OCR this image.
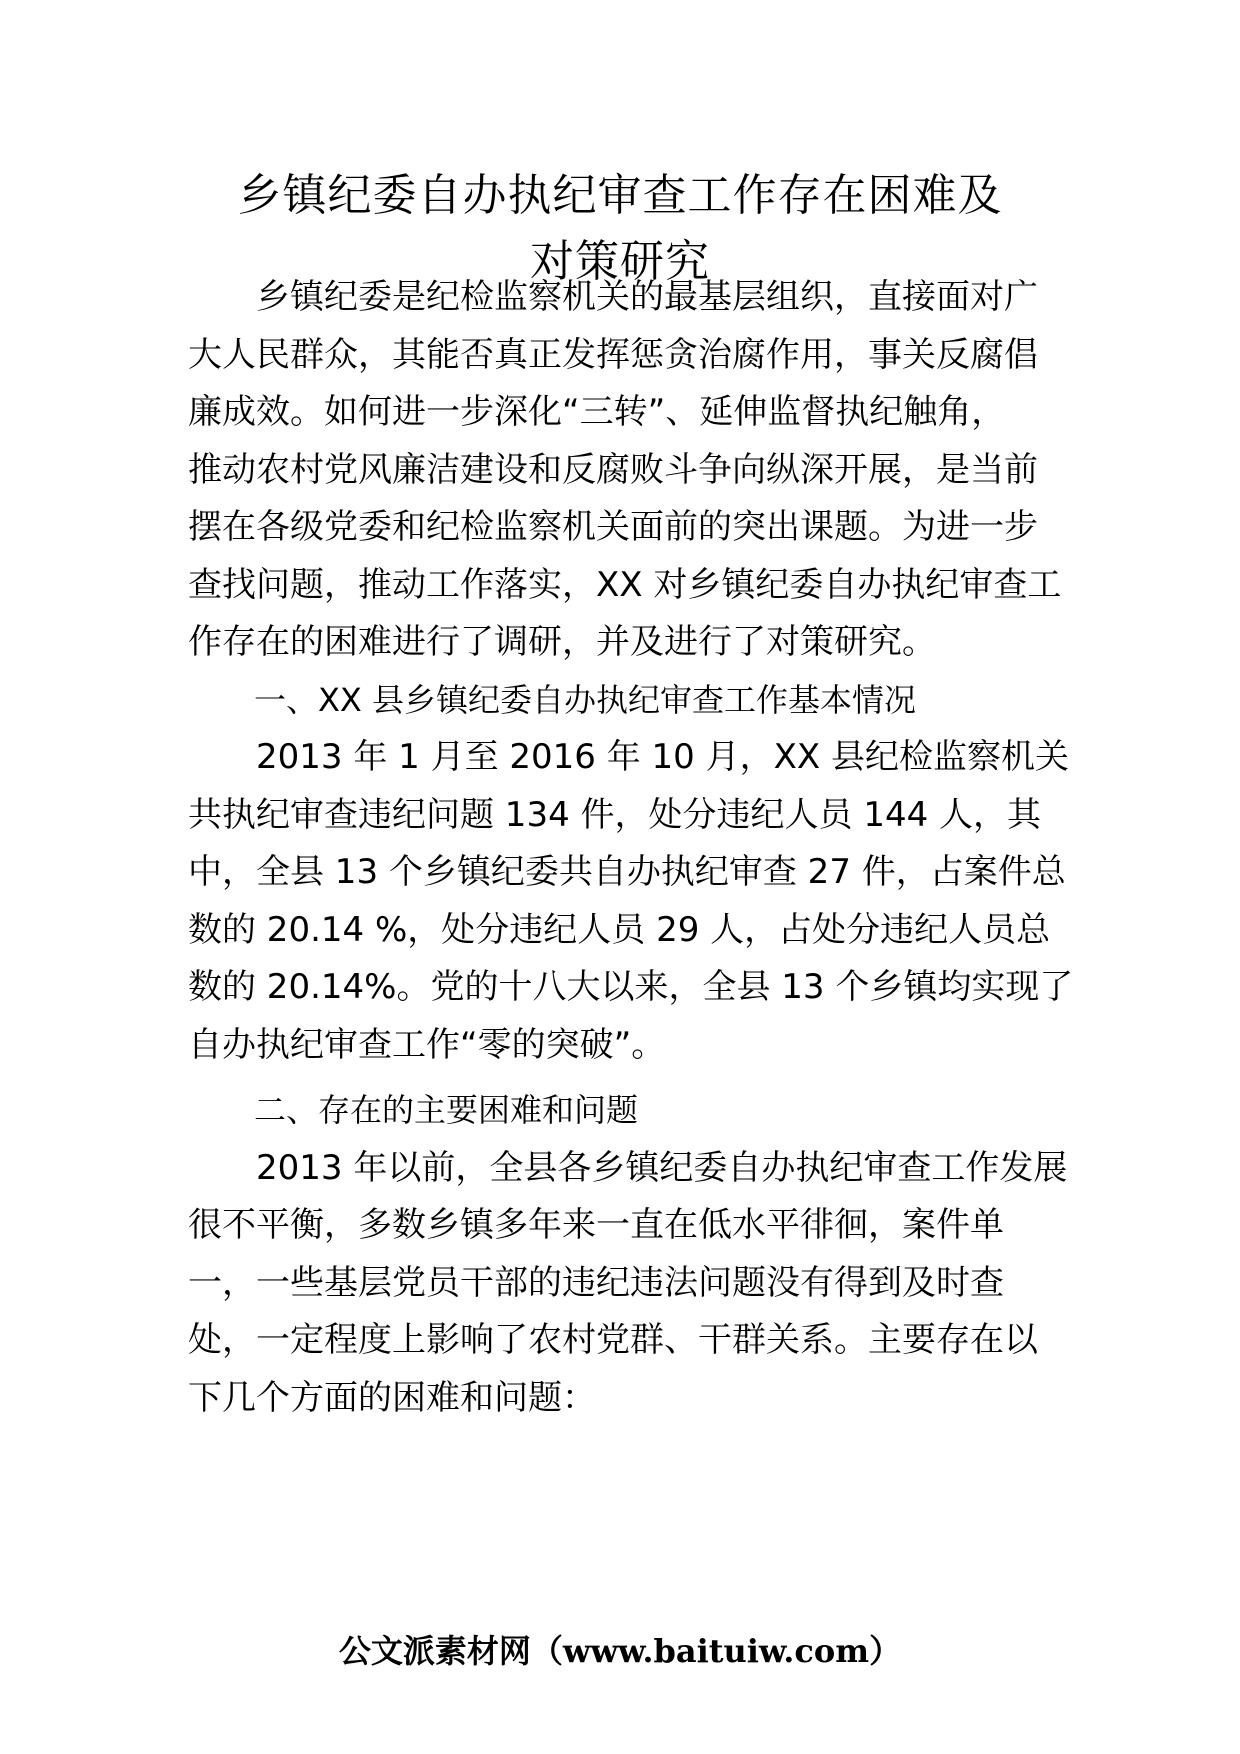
乡镇纪委自办执纪审查工作存在困难及
对策研究
　　乡镇纪委是纪检监察机关的最基层组织，直接面对广
大人民群众，其能否真正发挥惩贪治腐作用，事关反腐倡
廉成效。如何进一步深化“三转”、延伸监督执纪触角，
推动农村党风廉洁建设和反腐败斗争向纵深开展，是当前
摆在各级党委和纪检监察机关面前的突出课题。为进一步
查找问题，推动工作落实，XX 对乡镇纪委自办执纪审查工
作存在的困难进行了调研，并及进行了对策研究。
一、XX 县乡镇纪委自办执纪审查工作基本情况
　　2013 年 1 月至 2016 年 10 月，XX 县纪检监察机关
共执纪审查违纪问题 134 件，处分违纪人员 144 人，其
中，全县 13 个乡镇纪委共自办执纪审查 27 件，占案件总
数的 20.14 %，处分违纪人员 29 人，占处分违纪人员总
数的 20.14%。党的十八大以来，全县 13 个乡镇均实现了
自办执纪审查工作“零的突破”。
二、存在的主要困难和问题
　　2013 年以前，全县各乡镇纪委自办执纪审查工作发展
很不平衡，多数乡镇多年来一直在低水平徘徊，案件单
一，一些基层党员干部的违纪违法问题没有得到及时查
处，一定程度上影响了农村党群、干群关系。主要存在以
下几个方面的困难和问题：
公文派素材网（www.baituiw.com）
